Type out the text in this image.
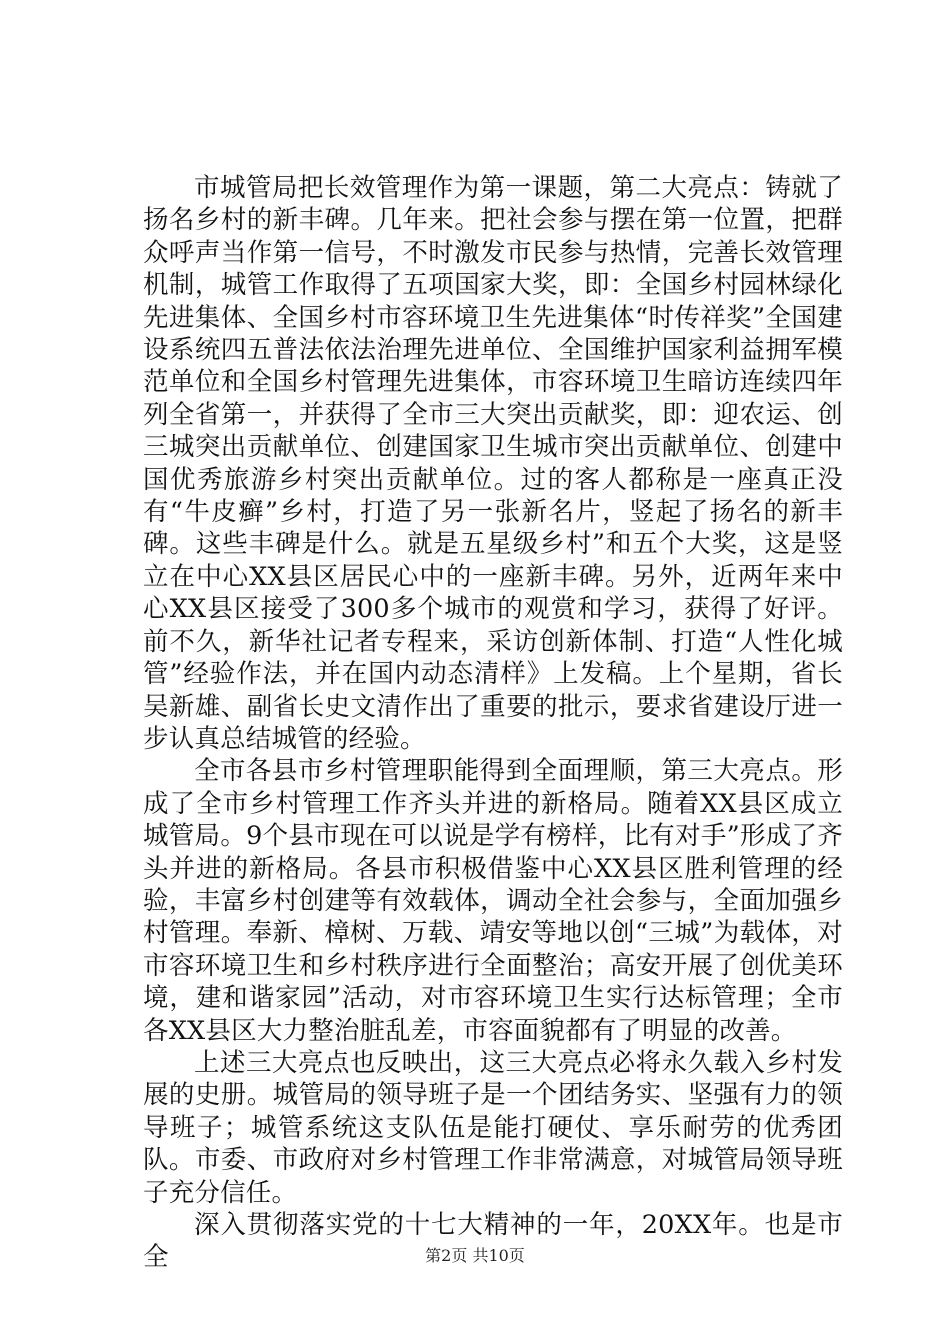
市城管局把长效管理作为第一课题，第二大亮点：铸就了扬名乡村的新丰碑。几年来。把社会参与摆在第一位置，把群众呼声当作第一信号，不时激发市民参与热情，完善长效管理机制，城管工作取得了五项国家大奖，即：全国乡村园林绿化先进集体、全国乡村市容环境卫生先进集体“时传祥奖”全国建设系统四五普法依法治理先进单位、全国维护国家利益拥军模范单位和全国乡村管理先进集体，市容环境卫生暗访连续四年列全省第一，并获得了全市三大突出贡献奖，即：迎农运、创三城突出贡献单位、创建国家卫生城市突出贡献单位、创建中国优秀旅游乡村突出贡献单位。过的客人都称是一座真正没有“牛皮癣”乡村，打造了另一张新名片，竖起了扬名的新丰碑。这些丰碑是什么。就是五星级乡村”和五个大奖，这是竖立在中心XX县区居民心中的一座新丰碑。另外，近两年来中心XX县区接受了300多个城市的观赏和学习，获得了好评。前不久，新华社记者专程来，采访创新体制、打造“人性化城管”经验作法，并在国内动态清样》上发稿。上个星期，省长吴新雄、副省长史文清作出了重要的批示，要求省建设厅进一步认真总结城管的经验。

全市各县市乡村管理职能得到全面理顺，第三大亮点。形成了全市乡村管理工作齐头并进的新格局。随着XX县区成立城管局。9个县市现在可以说是学有榜样，比有对手”形成了齐头并进的新格局。各县市积极借鉴中心XX县区胜利管理的经验，丰富乡村创建等有效载体，调动全社会参与，全面加强乡村管理。奉新、樟树、万载、靖安等地以创“三城”为载体，对市容环境卫生和乡村秩序进行全面整治；高安开展了创优美环境，建和谐家园”活动，对市容环境卫生实行达标管理；全市各XX县区大力整治脏乱差，市容面貌都有了明显的改善。

上述三大亮点也反映出，这三大亮点必将永久载入乡村发展的史册。城管局的领导班子是一个团结务实、坚强有力的领导班子；城管系统这支队伍是能打硬仗、享乐耐劳的优秀团队。市委、市政府对乡村管理工作非常满意，对城管局领导班子充分信任。

深入贯彻落实党的十七大精神的一年，20XX年。也是市全	第2页 共10页
